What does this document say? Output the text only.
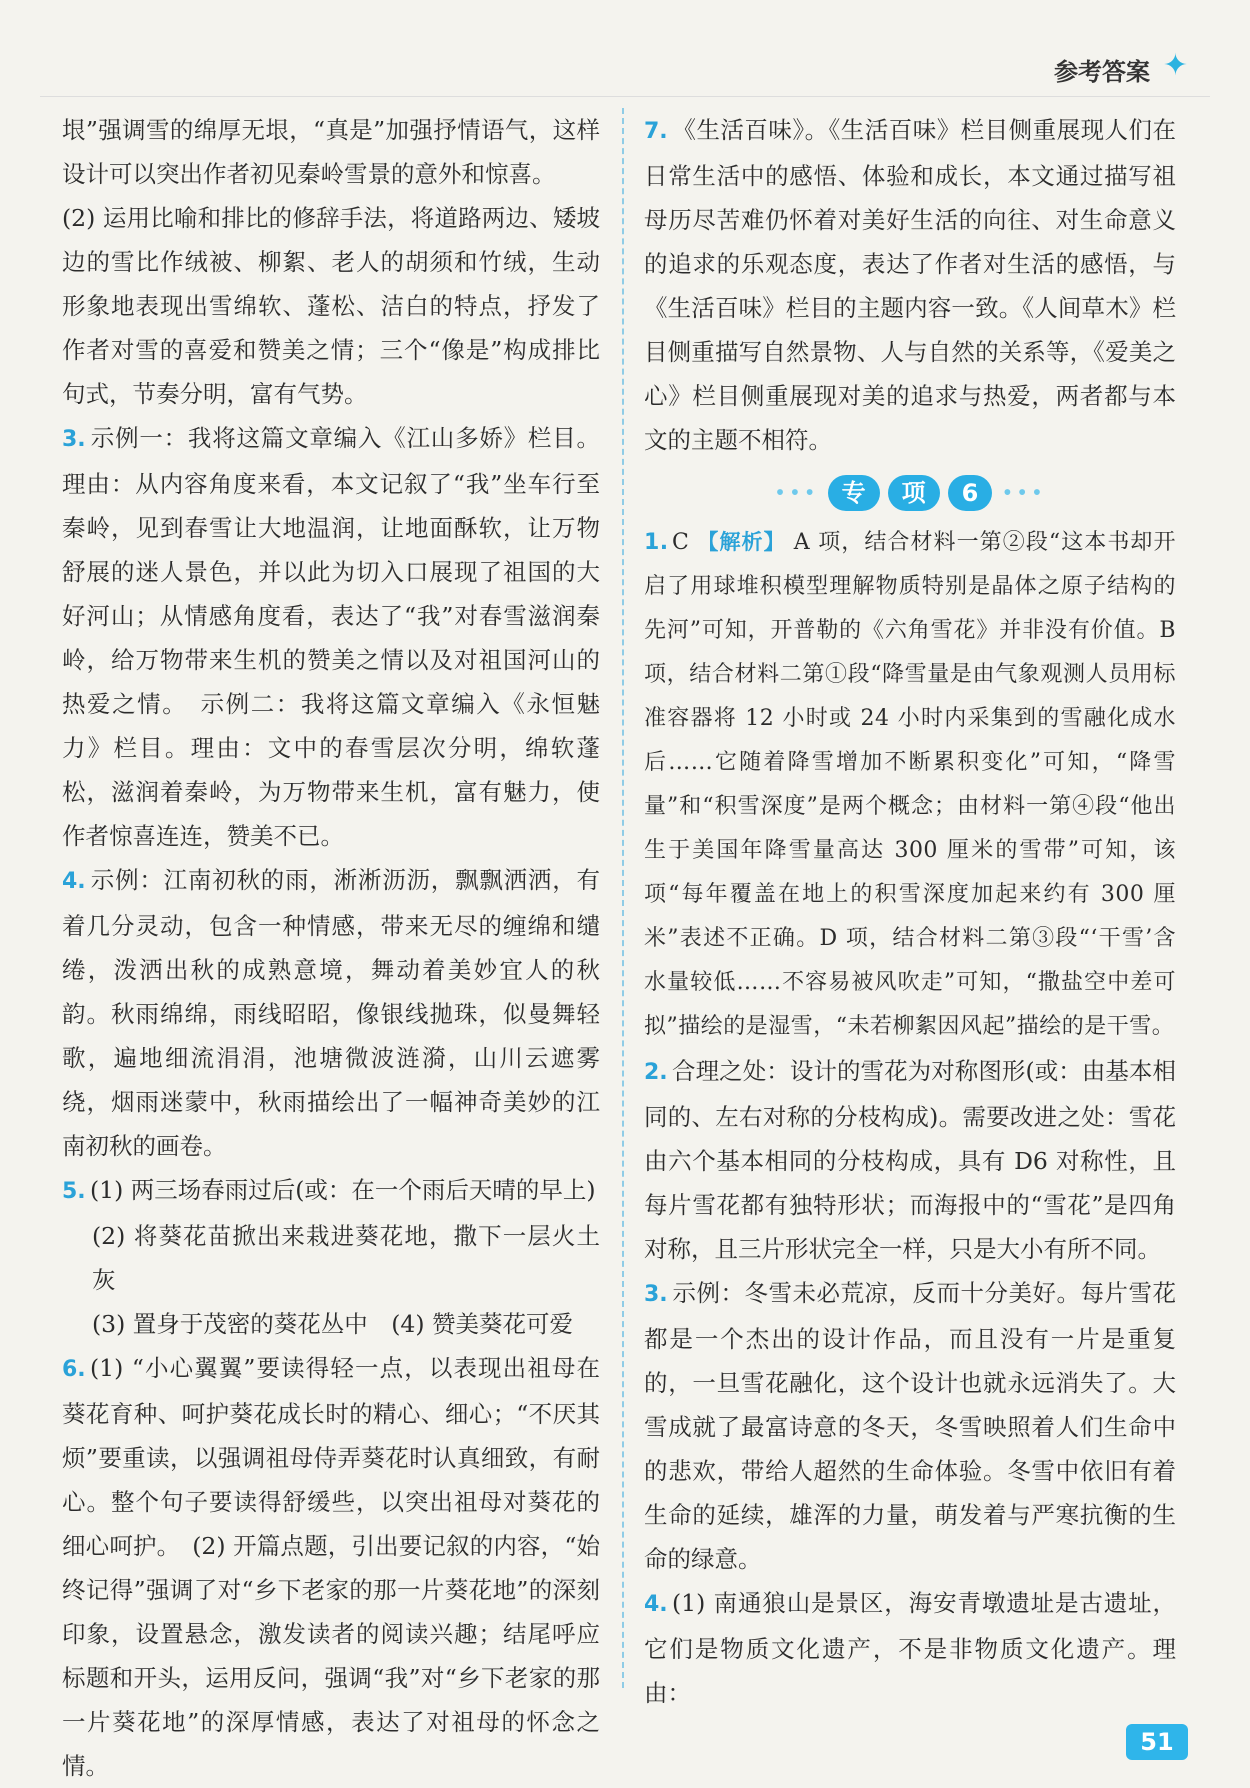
参考答案 ✦

垠”强调雪的绵厚无垠，“真是”加强抒情语气，这样设计可以突出作者初见秦岭雪景的意外和惊喜。

(2) 运用比喻和排比的修辞手法，将道路两边、矮坡边的雪比作绒被、柳絮、老人的胡须和竹绒，生动形象地表现出雪绵软、蓬松、洁白的特点，抒发了作者对雪的喜爱和赞美之情；三个“像是”构成排比句式，节奏分明，富有气势。

3. 示例一：我将这篇文章编入《江山多娇》栏目。理由：从内容角度来看，本文记叙了“我”坐车行至秦岭，见到春雪让大地温润，让地面酥软，让万物舒展的迷人景色，并以此为切入口展现了祖国的大好河山；从情感角度看，表达了“我”对春雪滋润秦岭，给万物带来生机的赞美之情以及对祖国河山的热爱之情。　示例二：我将这篇文章编入《永恒魅力》栏目。理由：文中的春雪层次分明，绵软蓬松，滋润着秦岭，为万物带来生机，富有魅力，使作者惊喜连连，赞美不已。

4. 示例：江南初秋的雨，淅淅沥沥，飘飘洒洒，有着几分灵动，包含一种情感，带来无尽的缠绵和缱绻，泼洒出秋的成熟意境，舞动着美妙宜人的秋韵。秋雨绵绵，雨线昭昭，像银线拋珠，似曼舞轻歌，遍地细流涓涓，池塘微波涟漪，山川云遮雾绕，烟雨迷蒙中，秋雨描绘出了一幅神奇美妙的江南初秋的画卷。

5. (1) 两三场春雨过后(或：在一个雨后天晴的早上)

(2) 将葵花苗掀出来栽进葵花地，撒下一层火土灰

(3) 置身于茂密的葵花丛中　(4) 赞美葵花可爱

6. (1) “小心翼翼”要读得轻一点，以表现出祖母在葵花育种、呵护葵花成长时的精心、细心；“不厌其烦”要重读，以强调祖母侍弄葵花时认真细致，有耐心。整个句子要读得舒缓些，以突出祖母对葵花的细心呵护。　(2) 开篇点题，引出要记叙的内容，“始终记得”强调了对“乡下老家的那一片葵花地”的深刻印象，设置悬念，激发读者的阅读兴趣；结尾呼应标题和开头，运用反问，强调“我”对“乡下老家的那一片葵花地”的深厚情感，表达了对祖母的怀念之情。

7. 《生活百味》。《生活百味》栏目侧重展现人们在日常生活中的感悟、体验和成长，本文通过描写祖母历尽苦难仍怀着对美好生活的向往、对生命意义的追求的乐观态度，表达了作者对生活的感悟，与《生活百味》栏目的主题内容一致。《人间草木》栏目侧重描写自然景物、人与自然的关系等，《爱美之心》栏目侧重展现对美的追求与热爱，两者都与本文的主题不相符。

••• 专 项 6 •••

1. C 【解析】 A 项，结合材料一第②段“这本书却开启了用球堆积模型理解物质特别是晶体之原子结构的先河”可知，开普勒的《六角雪花》并非没有价值。B 项，结合材料二第①段“降雪量是由气象观测人员用标准容器将 12 小时或 24 小时内采集到的雪融化成水后……它随着降雪增加不断累积变化”可知，“降雪量”和“积雪深度”是两个概念；由材料一第④段“他出生于美国年降雪量高达 300 厘米的雪带”可知，该项“每年覆盖在地上的积雪深度加起来约有 300 厘米”表述不正确。D 项，结合材料二第③段“‘干雪’含水量较低……不容易被风吹走”可知，“撒盐空中差可拟”描绘的是湿雪，“未若柳絮因风起”描绘的是干雪。

2. 合理之处：设计的雪花为对称图形(或：由基本相同的、左右对称的分枝构成)。需要改进之处：雪花由六个基本相同的分枝构成，具有 D6 对称性，且每片雪花都有独特形状；而海报中的“雪花”是四角对称，且三片形状完全一样，只是大小有所不同。

3. 示例：冬雪未必荒凉，反而十分美好。每片雪花都是一个杰出的设计作品，而且没有一片是重复的，一旦雪花融化，这个设计也就永远消失了。大雪成就了最富诗意的冬天，冬雪映照着人们生命中的悲欢，带给人超然的生命体验。冬雪中依旧有着生命的延续，雄浑的力量，萌发着与严寒抗衡的生命的绿意。

4. (1) 南通狼山是景区，海安青墩遗址是古遗址，它们是物质文化遗产，不是非物质文化遗产。理由：

51
